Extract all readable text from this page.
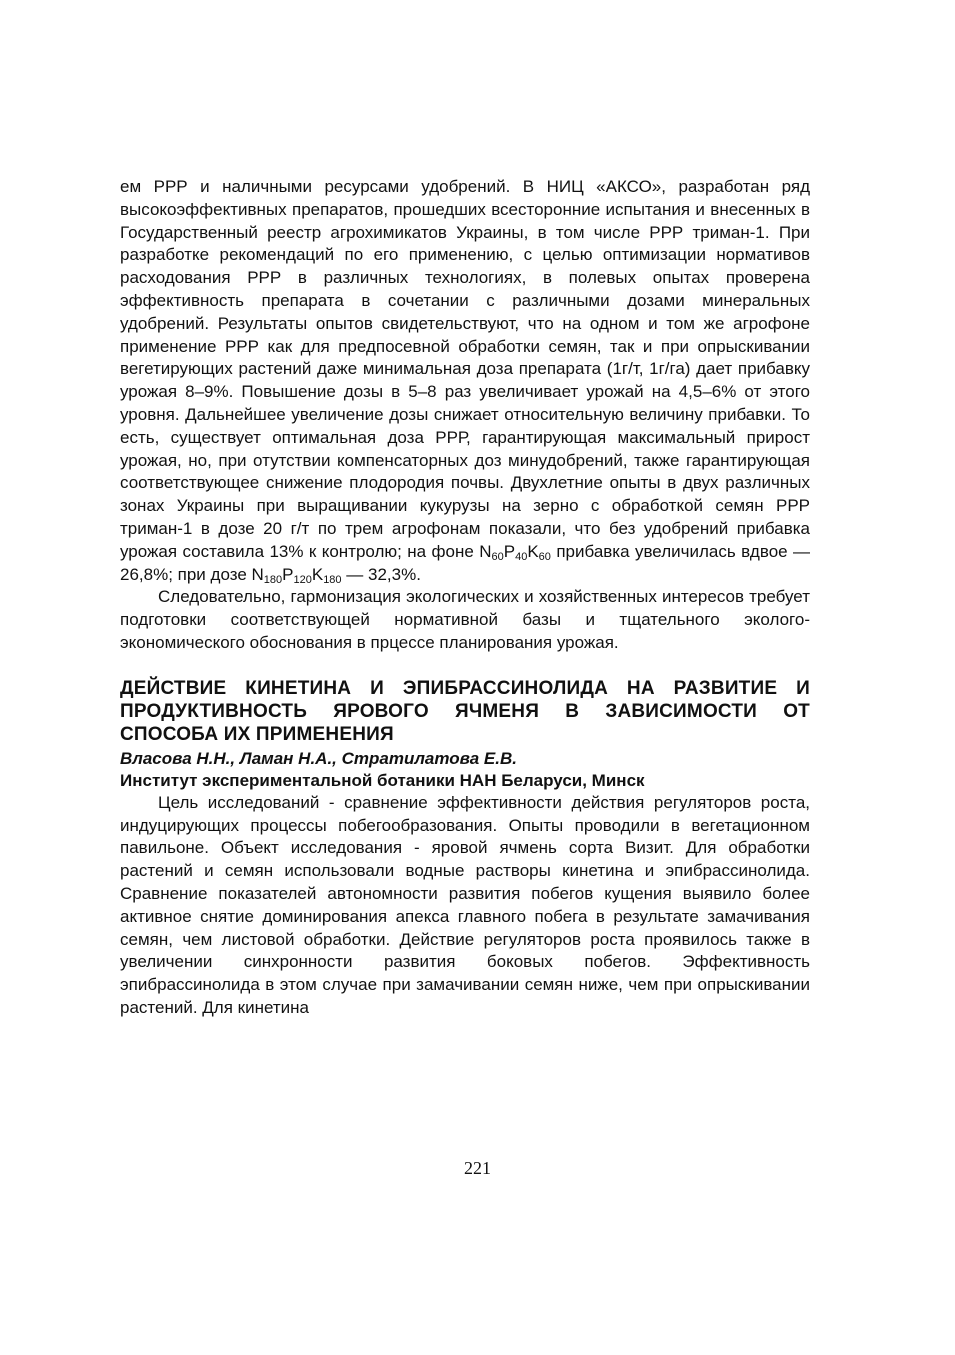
ем РРР и наличными ресурсами удобрений. В НИЦ «АКСО», разработан ряд высокоэффективных препаратов, прошедших всесторонние испытания и внесенных в Государственный реестр агрохимикатов Украины, в том числе РРР триман-1. При разработке рекомендаций по его применению, с целью оптимизации нормативов расходования РРР в различных технологиях, в полевых опытах проверена эффективность препарата в сочетании с различными дозами минеральных удобрений. Результаты опытов свидетельствуют, что на одном и том же агрофоне применение РРР как для предпосевной обработки семян, так и при опрыскивании вегетирующих растений даже минимальная доза препарата (1г/т, 1г/га) дает прибавку урожая 8–9%. Повышение дозы в 5–8 раз увеличивает урожай на 4,5–6% от этого уровня. Дальнейшее увеличение дозы снижает относительную величину прибавки. То есть, существует оптимальная доза РРР, гарантирующая максимальный прирост урожая, но, при отутствии компенсаторных доз минудобрений, также гарантирующая соответствующее снижение плодородия почвы. Двухлетние опыты в двух различных зонах Украины при выращивании кукурузы на зерно с обработкой семян РРР триман-1 в дозе 20 г/т по трем агрофонам показали, что без удобрений прибавка урожая составила 13% к контролю; на фоне $N_{60}P_{40}K_{60}$ прибавка увеличилась вдвое — 26,8%; при дозе $N_{180}P_{120}K_{180}$ — 32,3%.

Следовательно, гармонизация экологических и хозяйственных интересов требует подготовки соответствующей нормативной базы и тщательного эколого-экономического обоснования в прцессе планирования урожая.

ДЕЙСТВИЕ КИНЕТИНА И ЭПИБРАССИНОЛИДА НА РАЗВИТИЕ И ПРОДУКТИВНОСТЬ ЯРОВОГО ЯЧМЕНЯ В ЗАВИСИМОСТИ ОТ СПОСОБА ИХ ПРИМЕНЕНИЯ

Власова Н.Н., Ламан Н.А., Стратилатова Е.В.

Институт экспериментальной ботаники НАН Беларуси, Минск

Цель исследований - сравнение эффективности действия регуляторов роста, индуцирующих процессы побегообразования. Опыты проводили в вегетационном павильоне. Объект исследования - яровой ячмень сорта Визит. Для обработки растений и семян использовали водные растворы кинетина и эпибрассинолида. Сравнение показателей автономности развития побегов кущения выявило более активное снятие доминирования апекса главного побега в результате замачивания семян, чем листовой обработки. Действие регуляторов роста проявилось также в увеличении синхронности развития боковых побегов. Эффективность эпибрассинолида в этом случае при замачивании семян ниже, чем при опрыскивании растений. Для кинетина

221
